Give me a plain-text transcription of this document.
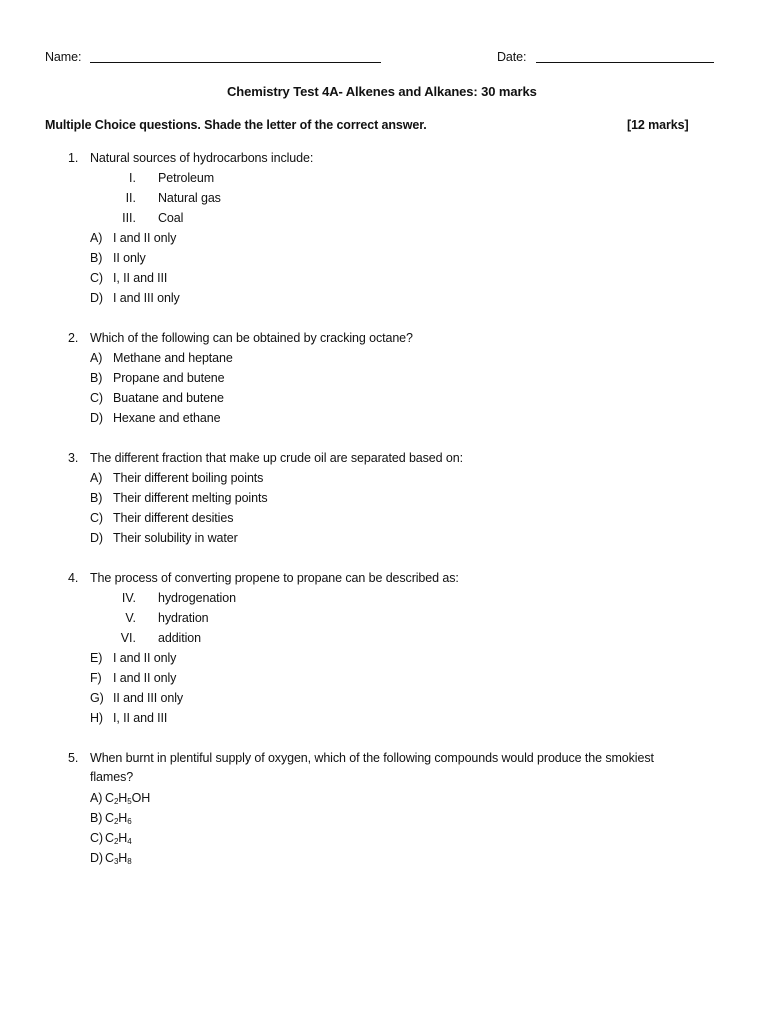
Name:	Date:
Chemistry Test 4A- Alkenes and Alkanes: 30 marks
Multiple Choice questions. Shade the letter of the correct answer.	[12 marks]
1. Natural sources of hydrocarbons include:
I. Petroleum
II. Natural gas
III. Coal
A) I and II only
B) II only
C) I, II and III
D) I and III only
2. Which of the following can be obtained by cracking octane?
A) Methane and heptane
B) Propane and butene
C) Buatane and butene
D) Hexane and ethane
3. The different fraction that make up crude oil are separated based on:
A) Their different boiling points
B) Their different melting points
C) Their different desities
D) Their solubility in water
4. The process of converting propene to propane can be described as:
IV. hydrogenation
V. hydration
VI. addition
E) I and II only
F) I and II only
G) II and III only
H) I, II and III
5. When burnt in plentiful supply of oxygen, which of the following compounds would produce the smokiest
flames?
A) $C_2H_5OH$
B) $C_2H_6$
C) $C_2H_4$
D) $C_3H_8$
